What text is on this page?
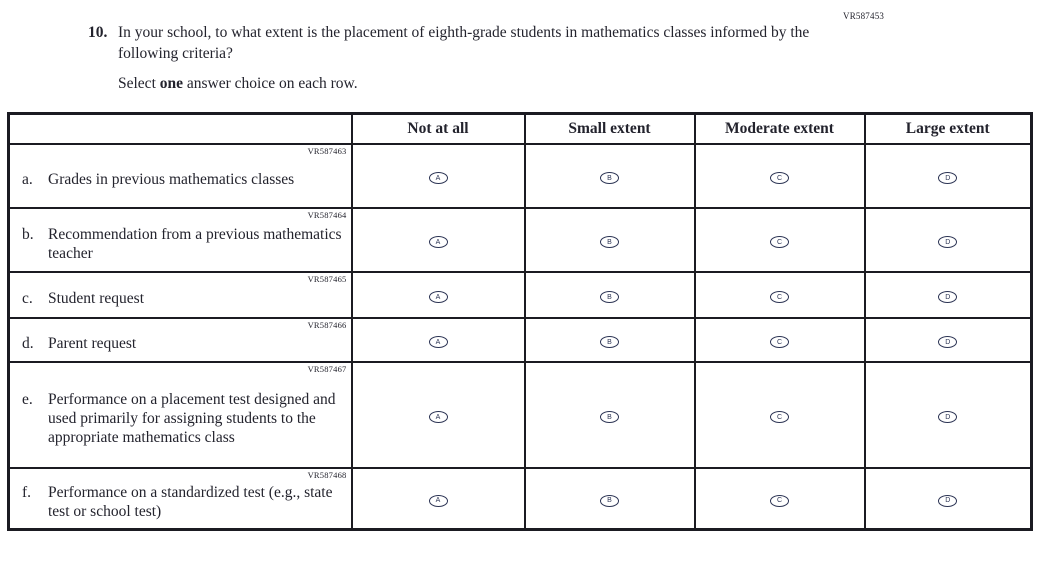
VR587453
10. In your school, to what extent is the placement of eighth-grade students in mathematics classes informed by the following criteria?
Select one answer choice on each row.
	Not at all	Small extent	Moderate extent	Large extent

VR587463
a. Grades in previous mathematics classes	A	B	C	D

VR587464
b. Recommendation from a previous mathematics teacher	A	B	C	D

VR587465
c. Student request	A	B	C	D

VR587466
d. Parent request	A	B	C	D

VR587467
e. Performance on a placement test designed and used primarily for assigning students to the appropriate mathematics class	A	B	C	D

VR587468
f. Performance on a standardized test (e.g., state test or school test)	A	B	C	D
